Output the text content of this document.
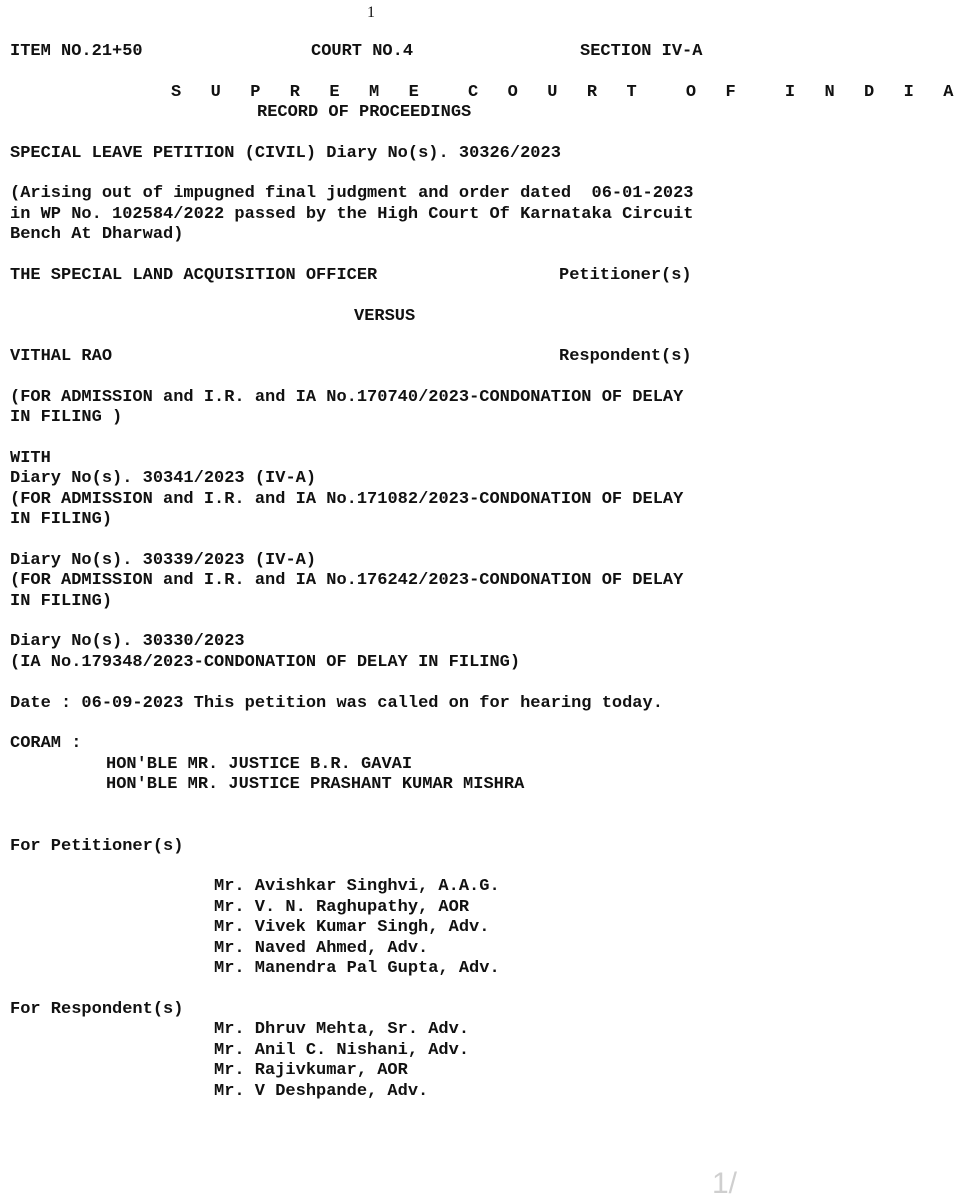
1
ITEM NO.21+50	COURT NO.4	SECTION IV-A
S U P R E M E  C O U R T  O F  I N D I A
RECORD OF PROCEEDINGS
SPECIAL LEAVE PETITION (CIVIL) Diary No(s). 30326/2023
(Arising out of impugned final judgment and order dated  06-01-2023
in WP No. 102584/2022 passed by the High Court Of Karnataka Circuit
Bench At Dharwad)
THE SPECIAL LAND ACQUISITION OFFICER	Petitioner(s)
VERSUS
VITHAL RAO	Respondent(s)
(FOR ADMISSION and I.R. and IA No.170740/2023-CONDONATION OF DELAY
IN FILING )
WITH
Diary No(s). 30341/2023 (IV-A)
(FOR ADMISSION and I.R. and IA No.171082/2023-CONDONATION OF DELAY
IN FILING)
Diary No(s). 30339/2023 (IV-A)
(FOR ADMISSION and I.R. and IA No.176242/2023-CONDONATION OF DELAY
IN FILING)
Diary No(s). 30330/2023
(IA No.179348/2023-CONDONATION OF DELAY IN FILING)
Date : 06-09-2023 This petition was called on for hearing today.
CORAM :
HON'BLE MR. JUSTICE B.R. GAVAI
HON'BLE MR. JUSTICE PRASHANT KUMAR MISHRA
For Petitioner(s)
Mr. Avishkar Singhvi, A.A.G.
Mr. V. N. Raghupathy, AOR
Mr. Vivek Kumar Singh, Adv.
Mr. Naved Ahmed, Adv.
Mr. Manendra Pal Gupta, Adv.
For Respondent(s)
Mr. Dhruv Mehta, Sr. Adv.
Mr. Anil C. Nishani, Adv.
Mr. Rajivkumar, AOR
Mr. V Deshpande, Adv.
1/
